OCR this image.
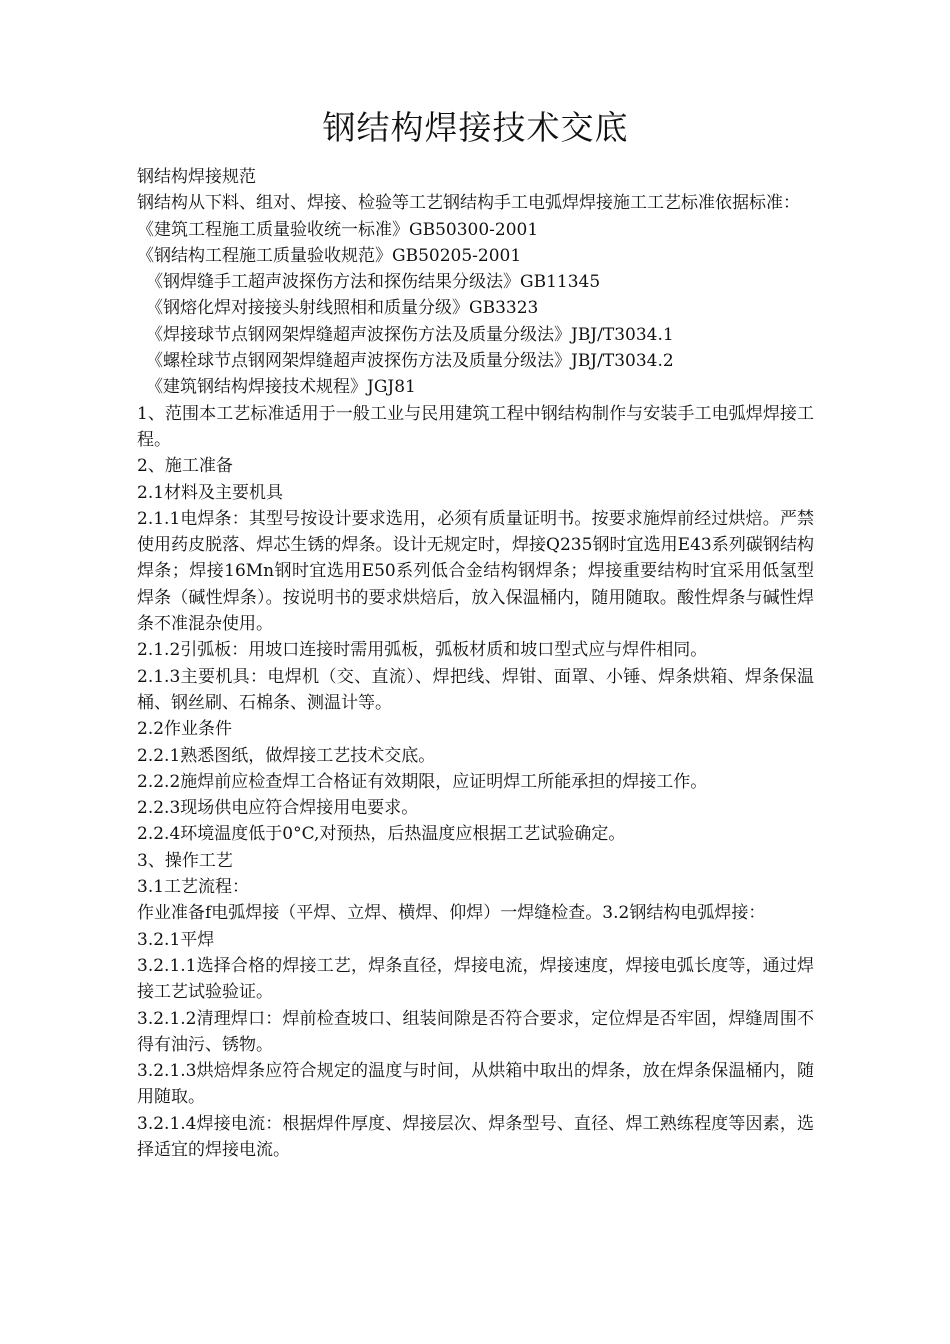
钢结构焊接技术交底

钢结构焊接规范

钢结构从下料、组对、焊接、检验等工艺钢结构手工电弧焊焊接施工工艺标准依据标准：

《建筑工程施工质量验收统一标准》GB50300-2001

《钢结构工程施工质量验收规范》GB50205-2001

《钢焊缝手工超声波探伤方法和探伤结果分级法》GB11345

《钢熔化焊对接接头射线照相和质量分级》GB3323

《焊接球节点钢网架焊缝超声波探伤方法及质量分级法》JBJ/T3034.1

《螺栓球节点钢网架焊缝超声波探伤方法及质量分级法》JBJ/T3034.2

《建筑钢结构焊接技术规程》JGJ81

1、范围本工艺标准适用于一般工业与民用建筑工程中钢结构制作与安装手工电弧焊焊接工程。

2、施工准备

2.1材料及主要机具

2.1.1电焊条：其型号按设计要求选用，必须有质量证明书。按要求施焊前经过烘焙。严禁使用药皮脱落、焊芯生锈的焊条。设计无规定时，焊接Q235钢时宜选用E43系列碳钢结构焊条；焊接16Mn钢时宜选用E50系列低合金结构钢焊条；焊接重要结构时宜采用低氢型焊条（碱性焊条）。按说明书的要求烘焙后，放入保温桶内，随用随取。酸性焊条与碱性焊条不准混杂使用。

2.1.2引弧板：用坡口连接时需用弧板，弧板材质和坡口型式应与焊件相同。

2.1.3主要机具：电焊机（交、直流）、焊把线、焊钳、面罩、小锤、焊条烘箱、焊条保温桶、钢丝刷、石棉条、测温计等。

2.2作业条件

2.2.1熟悉图纸，做焊接工艺技术交底。

2.2.2施焊前应检查焊工合格证有效期限，应证明焊工所能承担的焊接工作。

2.2.3现场供电应符合焊接用电要求。

2.2.4环境温度低于0°C,对预热，后热温度应根据工艺试验确定。

3、操作工艺

3.1工艺流程：

作业准备f电弧焊接（平焊、立焊、横焊、仰焊）一焊缝检查。3.2钢结构电弧焊接：

3.2.1平焊

3.2.1.1选择合格的焊接工艺，焊条直径，焊接电流，焊接速度，焊接电弧长度等，通过焊接工艺试验验证。

3.2.1.2清理焊口：焊前检查坡口、组装间隙是否符合要求，定位焊是否牢固，焊缝周围不得有油污、锈物。

3.2.1.3烘焙焊条应符合规定的温度与时间，从烘箱中取出的焊条，放在焊条保温桶内，随用随取。

3.2.1.4焊接电流：根据焊件厚度、焊接层次、焊条型号、直径、焊工熟练程度等因素，选择适宜的焊接电流。
